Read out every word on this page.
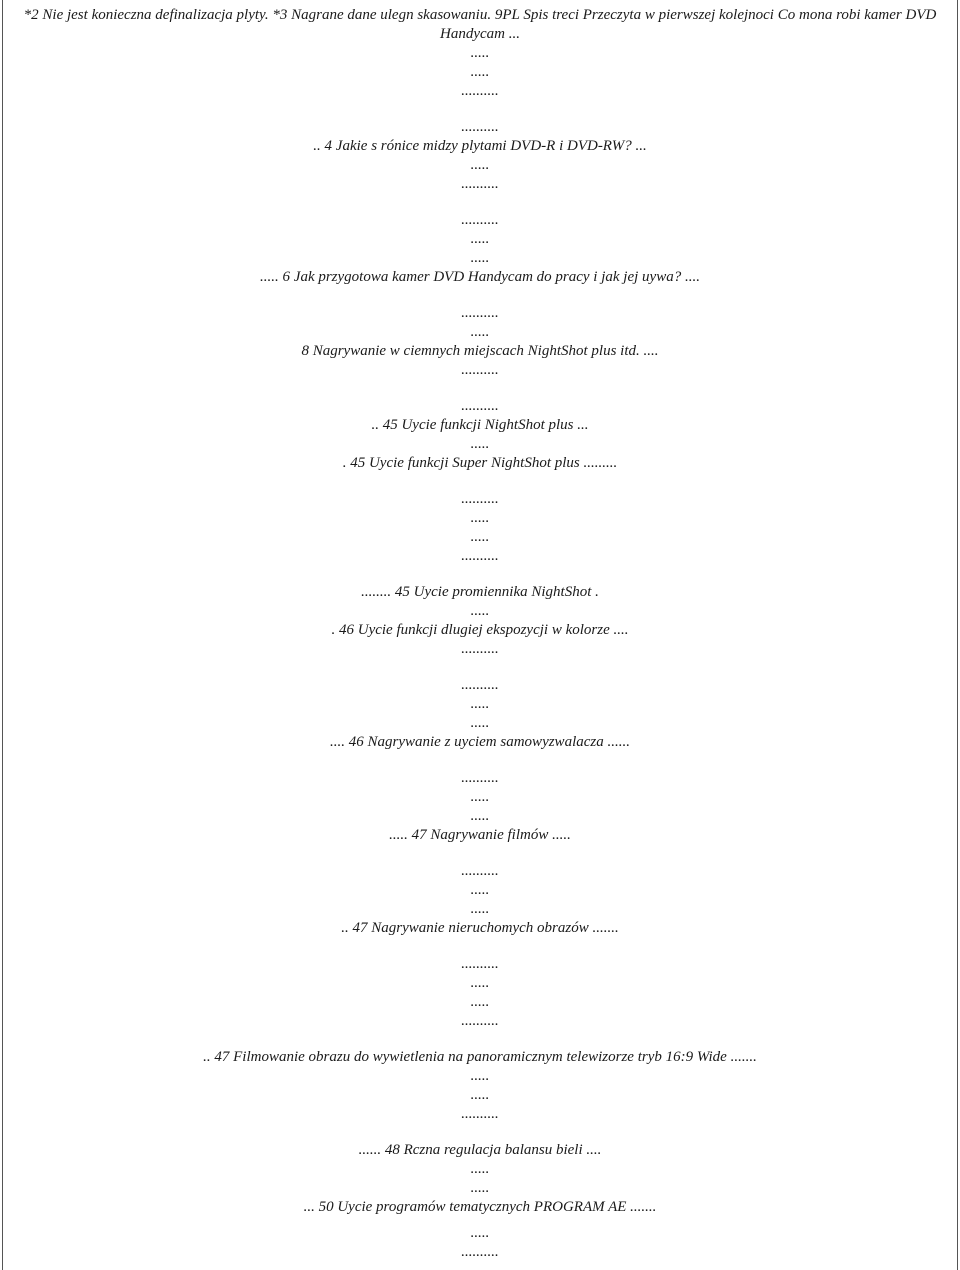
*2 Nie jest konieczna definalizacja plyty. *3 Nagrane dane ulegn skasowaniu. 9PL Spis treci Przeczyta w pierwszej kolejnoci Co mona robi kamer DVD
Handycam ...
.....
.....
..........
..........
.. 4 Jakie s rónice midzy plytami DVD-R i DVD-RW? ...
.....
..........
..........
.....
.....
..... 6 Jak przygotowa kamer DVD Handycam do pracy i jak jej uywa? ....
..........
.....
8 Nagrywanie w ciemnych miejscach NightShot plus itd. ....
..........
..........
.. 45 Uycie funkcji NightShot plus ...
.....
. 45 Uycie funkcji Super NightShot plus .........
..........
.....
.....
..........
........ 45 Uycie promiennika NightShot .
.....
. 46 Uycie funkcji dlugiej ekspozycji w kolorze ....
..........
..........
.....
.....
.... 46 Nagrywanie z uyciem samowyzwalacza ......
..........
.....
.....
..... 47 Nagrywanie filmów .....
..........
.....
.....
.. 47 Nagrywanie nieruchomych obrazów .......
..........
.....
.....
..........
.. 47 Filmowanie obrazu do wywietlenia na panoramicznym telewizorze tryb 16:9 Wide .......
.....
.....
..........
...... 48 Rczna regulacja balansu bieli ....
.....
.....
... 50 Uycie programów tematycznych PROGRAM AE .......
.....
..........
